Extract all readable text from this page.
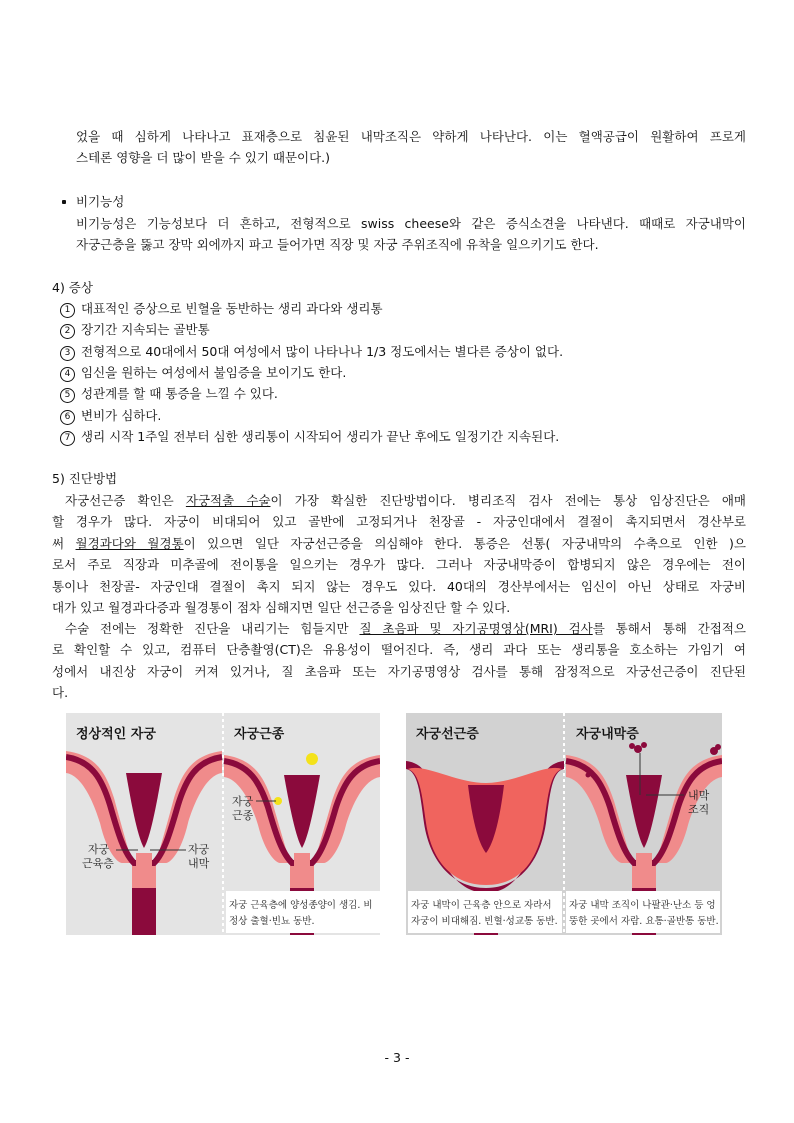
었을 때 심하게 나타나고 표재층으로 침윤된 내막조직은 약하게 나타난다. 이는 혈액공급이 원활하여 프로게
스테론 영향을 더 많이 받을 수 있기 때문이다.)
비기능성
비기능성은 기능성보다 더 흔하고, 전형적으로 swiss cheese와 같은 증식소견을 나타낸다. 때때로 자궁내막이
자궁근층을 뚫고 장막 외에까지 파고 들어가면 직장 및 자궁 주위조직에 유착을 일으키기도 한다.
4) 증상
1 대표적인 증상으로 빈혈을 동반하는 생리 과다와 생리통
2 장기간 지속되는 골반통
3 전형적으로 40대에서 50대 여성에서 많이 나타나나 1/3 정도에서는 별다른 증상이 없다.
4 임신을 원하는 여성에서 불임증을 보이기도 한다.
5 성관계를 할 때 통증을 느낄 수 있다.
6 변비가 심하다.
7 생리 시작 1주일 전부터 심한 생리통이 시작되어 생리가 끝난 후에도 일정기간 지속된다.
5) 진단방법
자궁선근증 확인은 자궁적출 수술이 가장 확실한 진단방법이다. 병리조직 검사 전에는 통상 임상진단은 애매
할 경우가 많다. 자궁이 비대되어 있고 골반에 고정되거나 천장골 - 자궁인대에서 결절이 촉지되면서 경산부로
써 월경과다와 월경통이 있으면 일단 자궁선근증을 의심해야 한다. 통증은 선통( 자궁내막의 수축으로 인한 )으
로서 주로 직장과 미추골에 전이통을 일으키는 경우가 많다. 그러나 자궁내막증이 합병되지 않은 경우에는 전이
통이나 천장골- 자궁인대 결절이 촉지 되지 않는 경우도 있다. 40대의 경산부에서는 임신이 아닌 상태로 자궁비
대가 있고 월경과다증과 월경통이 점차 심해지면 일단 선근증을 임상진단 할 수 있다.
수술 전에는 정확한 진단을 내리기는 힘들지만 질 초음파 및 자기공명영상(MRI) 검사를 통해서 통해 간접적으
로 확인할 수 있고, 컴퓨터 단층촬영(CT)은 유용성이 떨어진다. 즉, 생리 과다 또는 생리통을 호소하는 가임기 여
성에서 내진상 자궁이 커져 있거나, 질 초음파 또는 자기공명영상 검사를 통해 잠정적으로 자궁선근증이 진단된
다.
정상적인 자궁
자궁
근육층
자궁
내막
자궁
근종
자궁근종
자궁 근육층에 양성종양이 생김. 비
정상 출혈·빈뇨 동반.
자궁선근증
자궁 내막이 근육층 안으로 자라서
자궁이 비대해짐. 빈혈·성교통 동반.
내막
조직
자궁내막증
자궁 내막 조직이 나팔관·난소 등 엉
뚱한 곳에서 자람. 요통·골반통 동반.
- 3 -
